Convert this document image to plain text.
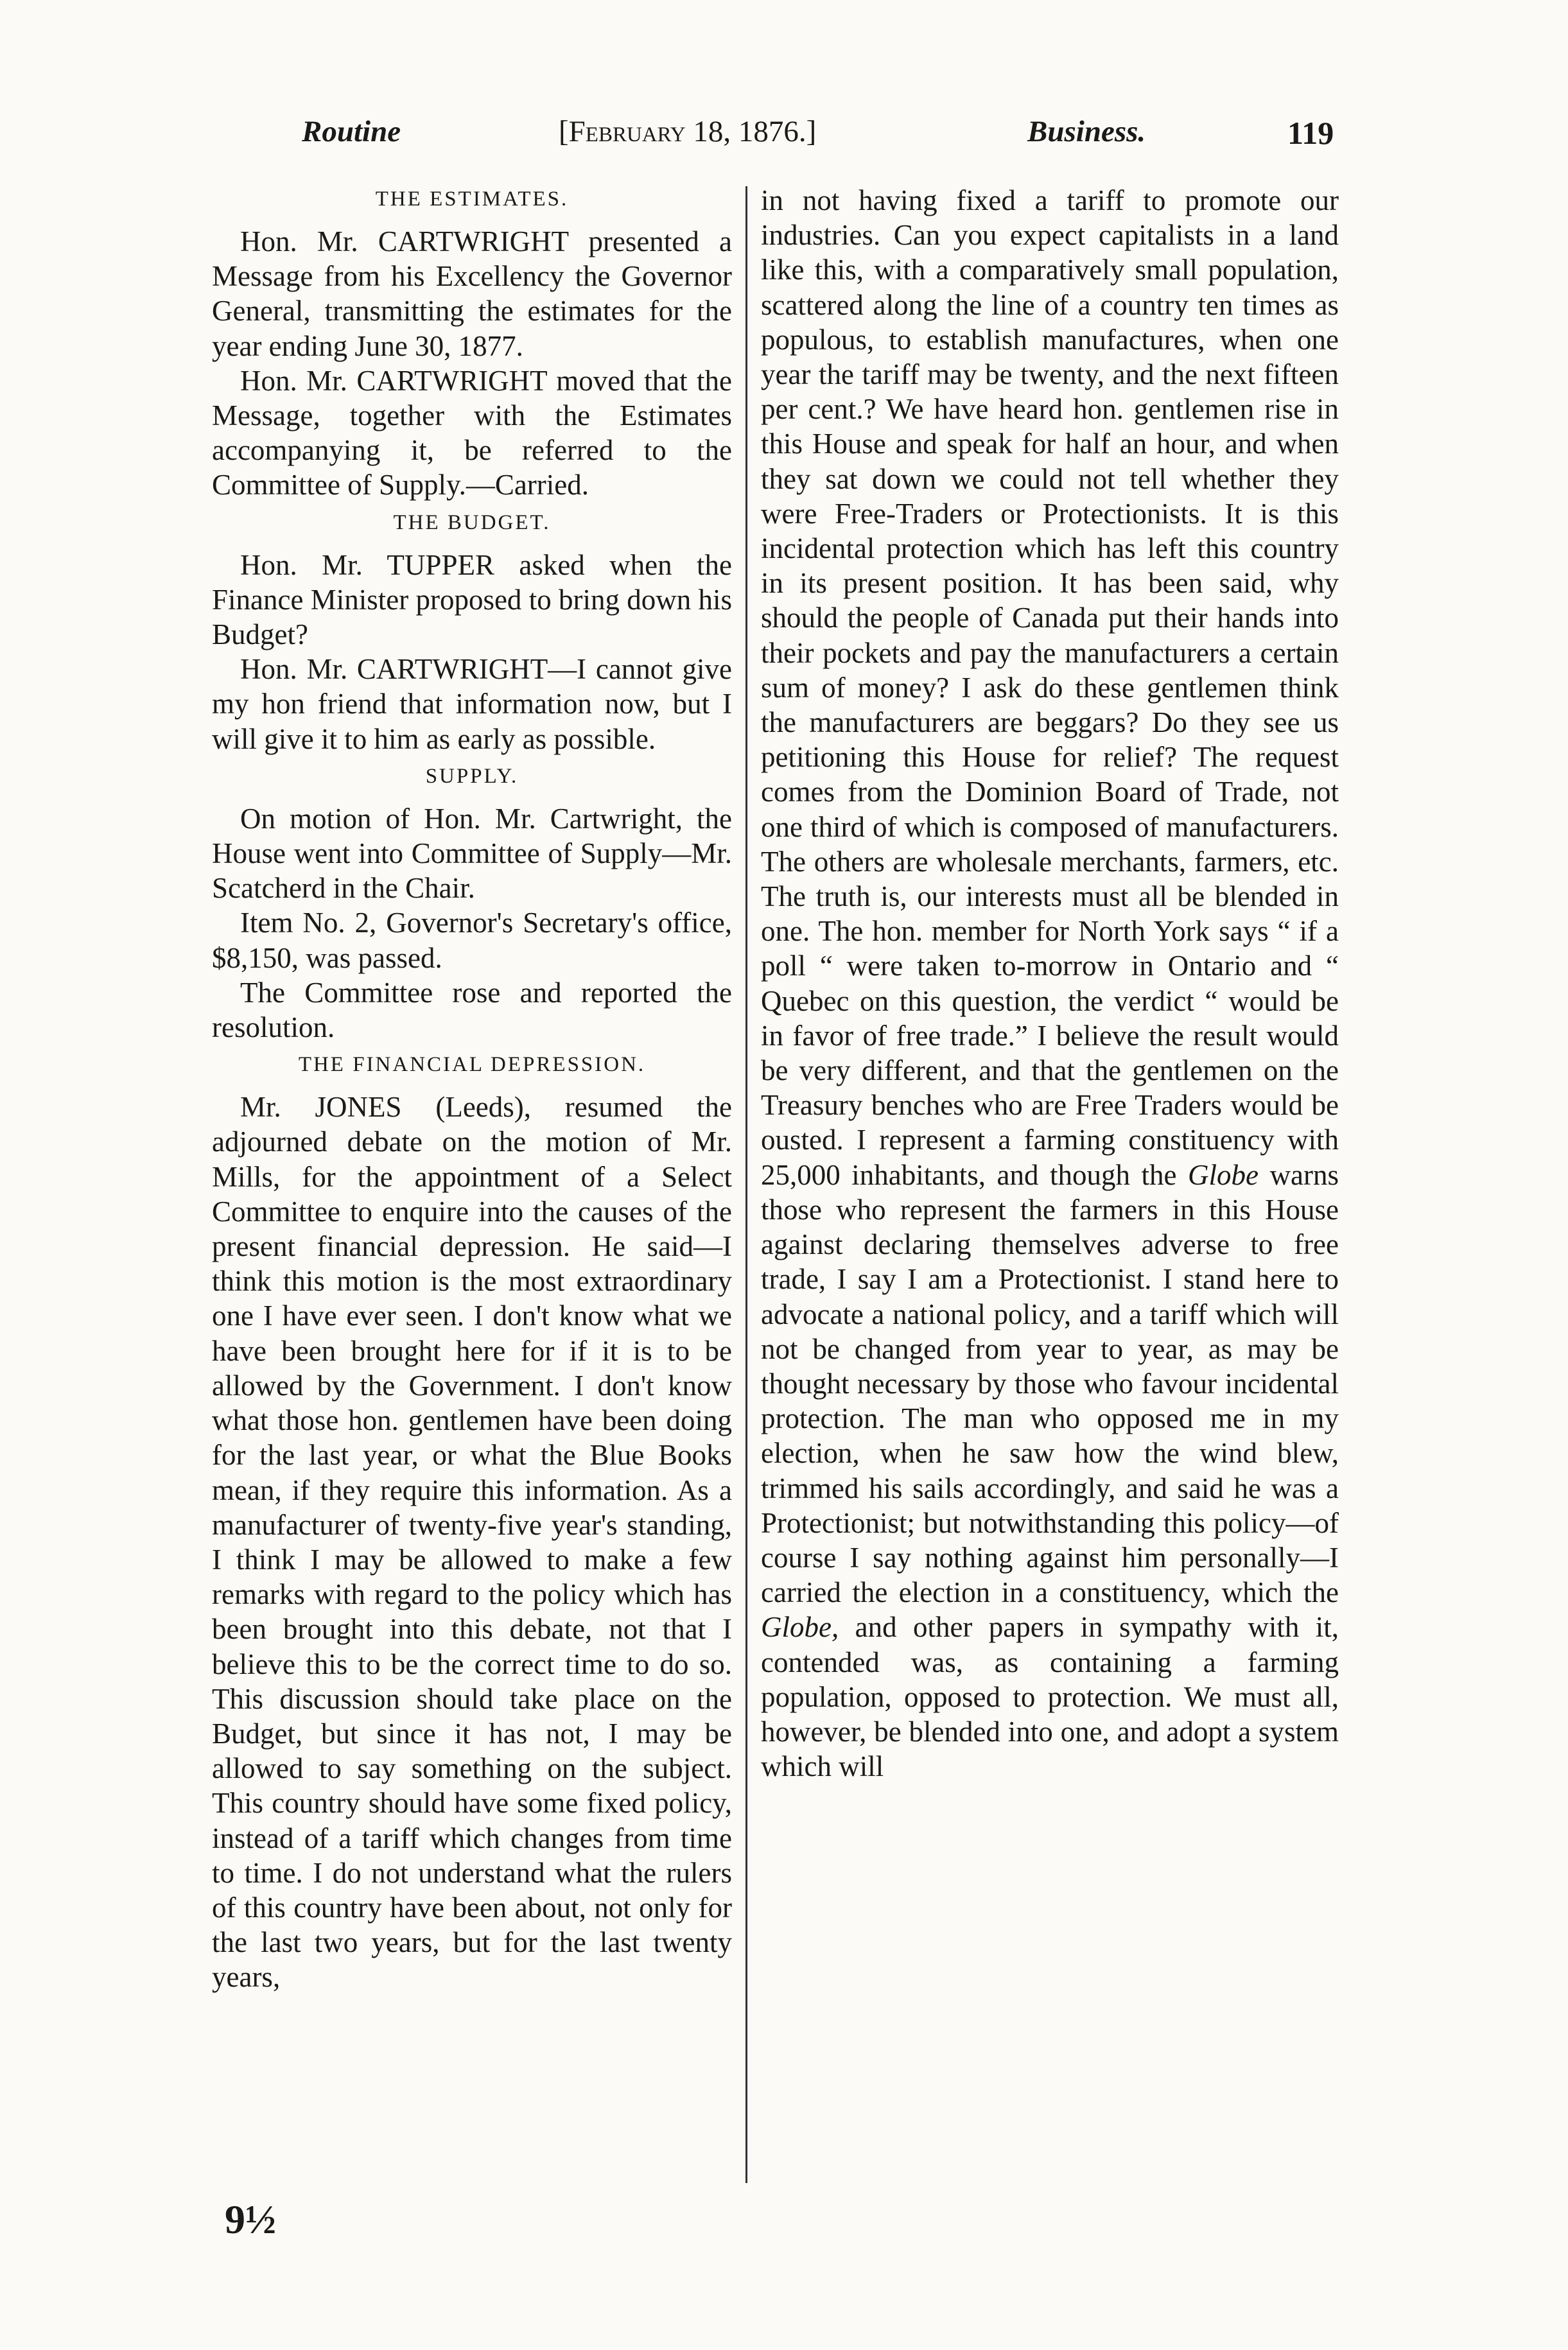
Routine	[February 18, 1876.]	Business.	119
THE ESTIMATES.

Hon. Mr. CARTWRIGHT presented a Message from his Excellency the Governor General, transmitting the estimates for the year ending June 30, 1877.

Hon. Mr. CARTWRIGHT moved that the Message, together with the Estimates accompanying it, be referred to the Committee of Supply.—Carried.

THE BUDGET.

Hon. Mr. TUPPER asked when the Finance Minister proposed to bring down his Budget?

Hon. Mr. CARTWRIGHT—I cannot give my hon friend that information now, but I will give it to him as early as possible.

SUPPLY.

On motion of Hon. Mr. Cartwright, the House went into Committee of Supply—Mr. Scatcherd in the Chair.

Item No. 2, Governor's Secretary's office, $8,150, was passed.

The Committee rose and reported the resolution.

THE FINANCIAL DEPRESSION.

Mr. JONES (Leeds), resumed the adjourned debate on the motion of Mr. Mills, for the appointment of a Select Committee to enquire into the causes of the present financial depression. He said—I think this motion is the most extraordinary one I have ever seen. I don't know what we have been brought here for if it is to be allowed by the Government. I don't know what those hon. gentlemen have been doing for the last year, or what the Blue Books mean, if they require this information. As a manufacturer of twenty-five year's standing, I think I may be allowed to make a few remarks with regard to the policy which has been brought into this debate, not that I believe this to be the correct time to do so. This discussion should take place on the Budget, but since it has not, I may be allowed to say something on the subject. This country should have some fixed policy, instead of a tariff which changes from time to time. I do not understand what the rulers of this country have been about, not only for the last two years, but for the last twenty years,

in not having fixed a tariff to promote our industries. Can you expect capitalists in a land like this, with a comparatively small population, scattered along the line of a country ten times as populous, to establish manufactures, when one year the tariff may be twenty, and the next fifteen per cent.? We have heard hon. gentlemen rise in this House and speak for half an hour, and when they sat down we could not tell whether they were Free-Traders or Protectionists. It is this incidental protection which has left this country in its present position. It has been said, why should the people of Canada put their hands into their pockets and pay the manufacturers a certain sum of money? I ask do these gentlemen think the manufacturers are beggars? Do they see us petitioning this House for relief? The request comes from the Dominion Board of Trade, not one third of which is composed of manufacturers. The others are wholesale merchants, farmers, etc. The truth is, our interests must all be blended in one. The hon. member for North York says “ if a poll “ were taken to-morrow in Ontario and “ Quebec on this question, the verdict “ would be in favor of free trade.” I believe the result would be very different, and that the gentlemen on the Treasury benches who are Free Traders would be ousted. I represent a farming constituency with 25,000 inhabitants, and though the Globe warns those who represent the farmers in this House against declaring themselves adverse to free trade, I say I am a Protectionist. I stand here to advocate a national policy, and a tariff which will not be changed from year to year, as may be thought necessary by those who favour incidental protection. The man who opposed me in my election, when he saw how the wind blew, trimmed his sails accordingly, and said he was a Protectionist; but notwithstanding this policy—of course I say nothing against him personally—I carried the election in a constituency, which the Globe, and other papers in sympathy with it, contended was, as containing a farming population, opposed to protection. We must all, however, be blended into one, and adopt a system which will

9½
